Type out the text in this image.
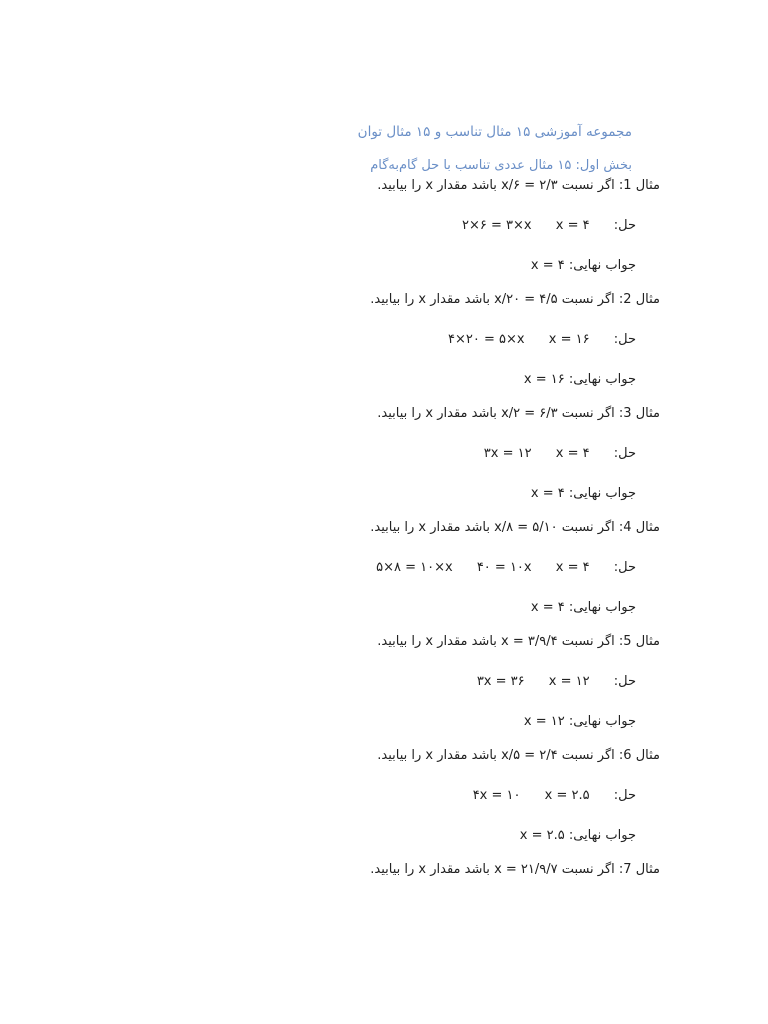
مجموعه آموزشی ۱۵ مثال تناسب و ۱۵ مثال توان
بخش اول: ۱۵ مثال عددی تناسب با حل گام‌به‌گام
مثال 1: اگر نسبت x/۶ = ۲/۳ باشد مقدار x را بیابید.
حل: x = ۴ ۲×۶ = ۳×x
جواب نهایی: x = ۴
مثال 2: اگر نسبت x/۲۰ = ۴/۵ باشد مقدار x را بیابید.
حل: x = ۱۶ ۴×۲۰ = ۵×x
جواب نهایی: x = ۱۶
مثال 3: اگر نسبت x/۲ = ۶/۳ باشد مقدار x را بیابید.
حل: x = ۴ ۳x = ۱۲
جواب نهایی: x = ۴
مثال 4: اگر نسبت x/۸ = ۵/۱۰ باشد مقدار x را بیابید.
حل: x = ۴ ۴۰ = ۱۰x ۵×۸ = ۱۰×x
جواب نهایی: x = ۴
مثال 5: اگر نسبت ۴/x = ۳/۹ باشد مقدار x را بیابید.
حل: x = ۱۲ ۳x = ۳۶
جواب نهایی: x = ۱۲
مثال 6: اگر نسبت x/۵ = ۲/۴ باشد مقدار x را بیابید.
حل: x = ۲.۵ ۴x = ۱۰
جواب نهایی: x = ۲.۵
مثال 7: اگر نسبت ۷/x = ۲۱/۹ باشد مقدار x را بیابید.
